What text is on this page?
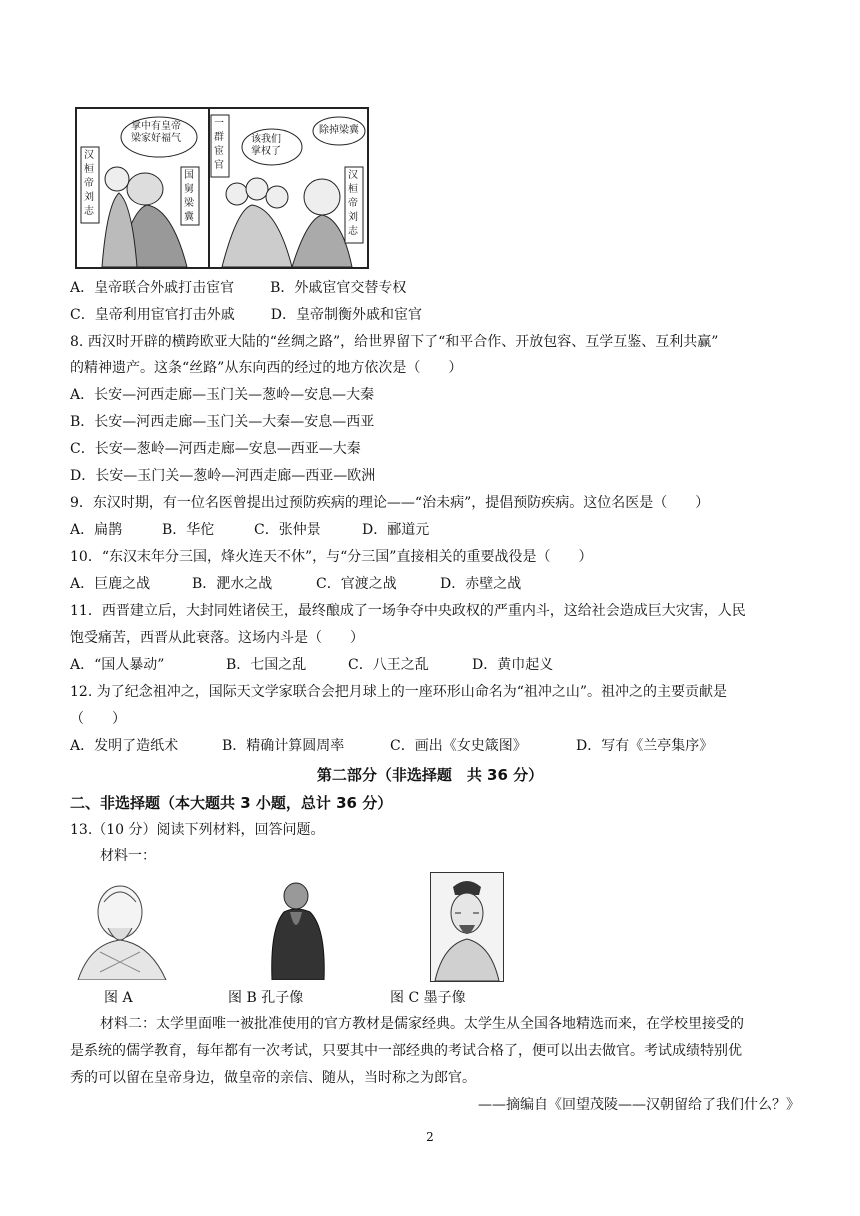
掌中有皇帝
梁家好福气	该我们
掌权了
除掉梁冀
汉桓帝刘志
国舅梁冀
一群宦官
汉桓帝刘志
A．皇帝联合外戚打击宦官	B．外戚宦官交替专权
C．皇帝利用宦官打击外戚	D．皇帝制衡外戚和宦官
8. 西汉时开辟的横跨欧亚大陆的“丝绸之路”，给世界留下了“和平合作、开放包容、互学互鉴、互利共赢”
的精神遗产。这条“丝路”从东向西的经过的地方依次是（　　）
A．长安—河西走廊—玉门关—葱岭—安息—大秦
B．长安—河西走廊—玉门关—大秦—安息—西亚
C．长安—葱岭—河西走廊—安息—西亚—大秦
D．长安—玉门关—葱岭—河西走廊—西亚—欧洲
9．东汉时期，有一位名医曾提出过预防疾病的理论——“治未病”，提倡预防疾病。这位名医是（　　）
A．扁鹊	B．华佗	C．张仲景	D．郦道元
10．“东汉末年分三国，烽火连天不休”，与“分三国”直接相关的重要战役是（　　）
A．巨鹿之战	B．淝水之战	C．官渡之战	D．赤壁之战
11．西晋建立后，大封同姓诸侯王，最终酿成了一场争夺中央政权的严重内斗，这给社会造成巨大灾害，人民
饱受痛苦，西晋从此衰落。这场内斗是（　　）
A．“国人暴动”	B．七国之乱	C．八王之乱	D．黄巾起义
12. 为了纪念祖冲之，国际天文学家联合会把月球上的一座环形山命名为“祖冲之山”。祖冲之的主要贡献是
（　　）
A．发明了造纸术	B．精确计算圆周率	C．画出《女史箴图》	D．写有《兰亭集序》
第二部分（非选择题　共 36 分）
二、非选择题（本大题共 3 小题，总计 36 分）
13.（10 分）阅读下列材料，回答问题。
材料一：
图 A	图 B 孔子像	图 C 墨子像
材料二：太学里面唯一被批准使用的官方教材是儒家经典。太学生从全国各地精选而来，在学校里接受的
是系统的儒学教育，每年都有一次考试，只要其中一部经典的考试合格了，便可以出去做官。考试成绩特别优
秀的可以留在皇帝身边，做皇帝的亲信、随从，当时称之为郎官。
——摘编自《回望茂陵——汉朝留给了我们什么？》
2
